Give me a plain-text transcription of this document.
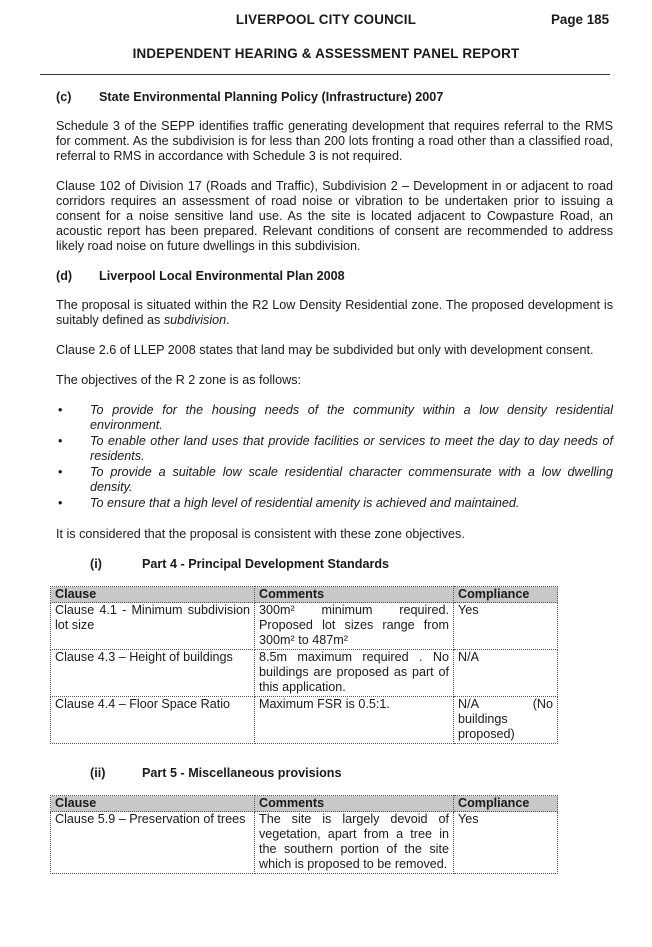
LIVERPOOL CITY COUNCIL	Page 185
INDEPENDENT HEARING & ASSESSMENT PANEL REPORT
(c)	State Environmental Planning Policy (Infrastructure) 2007

Schedule 3 of the SEPP identifies traffic generating development that requires referral to the RMS for comment. As the subdivision is for less than 200 lots fronting a road other than a classified road, referral to RMS in accordance with Schedule 3 is not required.

Clause 102 of Division 17 (Roads and Traffic), Subdivision 2 – Development in or adjacent to road corridors requires an assessment of road noise or vibration to be undertaken prior to issuing a consent for a noise sensitive land use. As the site is located adjacent to Cowpasture Road, an acoustic report has been prepared. Relevant conditions of consent are recommended to address likely road noise on future dwellings in this subdivision.

(d)	Liverpool Local Environmental Plan 2008

The proposal is situated within the R2 Low Density Residential zone. The proposed development is suitably defined as subdivision.

Clause 2.6 of LLEP 2008 states that land may be subdivided but only with development consent.

The objectives of the R 2 zone is as follows:

• To provide for the housing needs of the community within a low density residential environment.
• To enable other land uses that provide facilities or services to meet the day to day needs of residents.
• To provide a suitable low scale residential character commensurate with a low dwelling density.
• To ensure that a high level of residential amenity is achieved and maintained.

It is considered that the proposal is consistent with these zone objectives.

(i)	Part 4 - Principal Development Standards
Clause	Comments	Compliance
Clause 4.1 - Minimum subdivision lot size	300m² minimum required. Proposed lot sizes range from 300m² to 487m²	Yes
Clause 4.3 – Height of buildings	8.5m maximum required . No buildings are proposed as part of this application.	N/A
Clause 4.4 – Floor Space Ratio	Maximum FSR is 0.5:1.	N/A (No buildings proposed)
(ii)	Part 5 - Miscellaneous provisions
Clause	Comments	Compliance
Clause 5.9 – Preservation of trees	The site is largely devoid of vegetation, apart from a tree in the southern portion of the site which is proposed to be removed.	Yes
